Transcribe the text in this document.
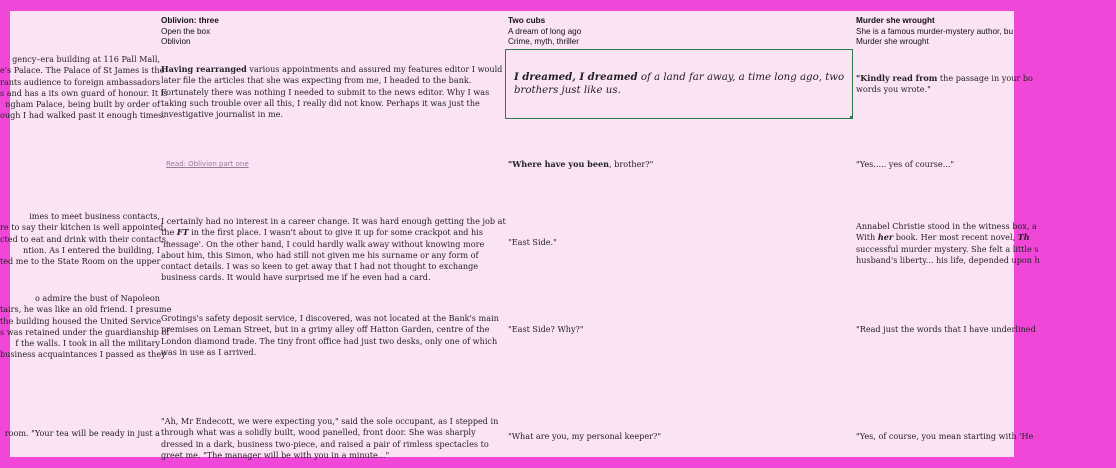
gency–era building at 116 Pall Mall,
e's Palace. The Palace of St James is the
rants audience to foreign ambassadors
s and has a its own guard of honour. It is
ngham Palace, being built by order of
ough I had walked past it enough times.
imes to meet business contacts,
re to say their kitchen is well appointed,
cted to eat and drink with their contacts,
ntion. As I entered the building, I
ted me to the State Room on the upper
o admire the bust of Napoleon
tairs, he was like an old friend. I presume
the building housed the United Service
s was retained under the guardianship of
f the walls. I took in all the military
business acquaintances I passed as they
room. "Your tea will be ready in just a
Oblivion: three
Open the box
Oblivion
Having rearranged various appointments and assured my features editor I would later file the articles that she was expecting from me, I headed to the bank. Fortunately there was nothing I needed to submit to the news editor. Why I was taking such trouble over all this, I really did not know. Perhaps it was just the investigative journalist in me.
Read: Oblivion part one
I certainly had no interest in a career change. It was hard enough getting the job at the FT in the first place. I wasn't about to give it up for some crackpot and his 'message'. On the other hand, I could hardly walk away without knowing more about him, this Simon, who had still not given me his surname or any form of contact details. I was so keen to get away that I had not thought to exchange business cards. It would have surprised me if he even had a card.
Grotings's safety deposit service, I discovered, was not located at the Bank's main premises on Leman Street, but in a grimy alley off Hatton Garden, centre of the London diamond trade. The tiny front office had just two desks, only one of which was in use as I arrived.
"Ah, Mr Endecott, we were expecting you," said the sole occupant, as I stepped in through what was a solidly built, wood panelled, front door. She was sharply dressed in a dark, business two-piece, and raised a pair of rimless spectacles to greet me. "The manager will be with you in a minute..."
Two cubs
A dream of long ago
Crime, myth, thriller
I dreamed, I dreamed of a land far away, a time long ago, two brothers just like us.
"Where have you been, brother?"
"East Side."
"East Side? Why?"
"What are you, my personal keeper?"
Murder she wrought
She is a famous murder-mystery author, bu
Murder she wrought
"Kindly read from the passage in your bo
words you wrote."
"Yes..... yes of course..."
Annabel Christie stood in the witness box, a
With her book. Her most recent novel, Th
successful murder mystery. She felt a little s
husband's liberty... his life, depended upon h
"Read just the words that I have underlined
"Yes, of course, you mean starting with 'He
